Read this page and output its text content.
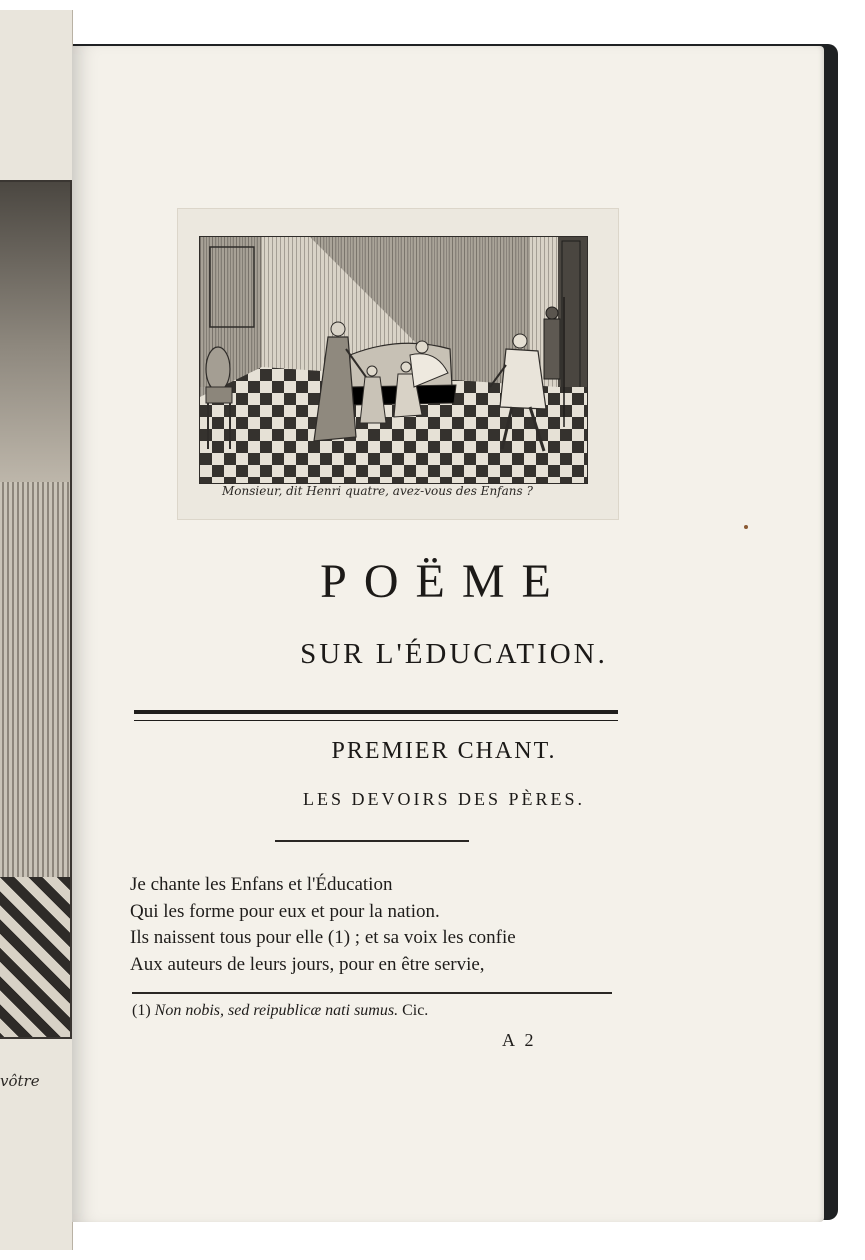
vôtre
Monsieur, dit Henri quatre, avez-vous des Enfans ?
POËME
SUR L'ÉDUCATION.
PREMIER CHANT.
LES DEVOIRS DES PÈRES.
Je chante les Enfans et l'Éducation
Qui les forme pour eux et pour la nation.
Ils naissent tous pour elle (1) ; et sa voix les confie
Aux auteurs de leurs jours, pour en être servie,
(1) Non nobis, sed reipublicæ nati sumus. Cic.
A 2
